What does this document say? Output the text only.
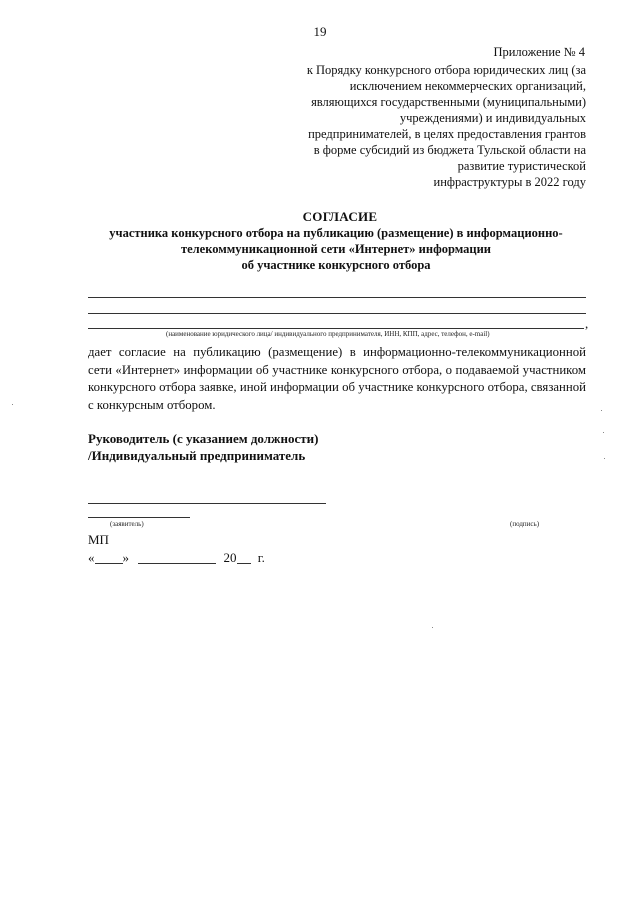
19
Приложение № 4
к Порядку конкурсного отбора юридических лиц (за
исключением некоммерческих организаций,
являющихся государственными (муниципальными)
учреждениями) и индивидуальных
предпринимателей, в целях предоставления грантов
в форме субсидий из бюджета Тульской области на
развитие туристической
инфраструктуры в 2022 году
СОГЛАСИЕ
участника конкурсного отбора на публикацию (размещение) в информационно-
телекоммуникационной сети «Интернет» информации
об участнике конкурсного отбора
,
(наименование юридического лица/ индивидуального предпринимателя, ИНН, КПП, адрес, телефон, e-mail)
дает согласие на публикацию (размещение) в информационно-телекоммуникационной сети «Интернет» информации об участнике конкурсного отбора, о подаваемой участником конкурсного отбора заявке, иной информации об участнике конкурсного отбора, связанной с конкурсным отбором.
Руководитель (с указанием должности)
/Индивидуальный предприниматель
(заявитель)	(подпись)
МП
« »	20 г.
